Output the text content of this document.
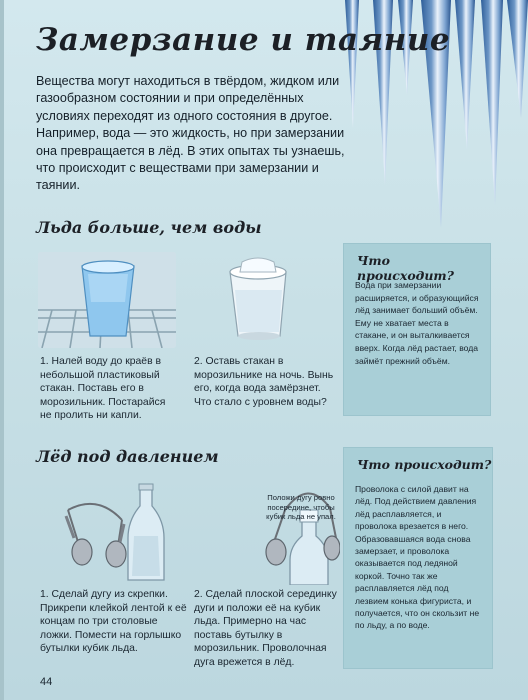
Замерзание и таяние

Вещества могут находиться в твёрдом, жидком или газообразном состоянии и при определённых условиях переходят из одного состояния в другое. Например, вода — это жидкость, но при замерзании она превращается в лёд. В этих опытах ты узнаешь, что происходит с веществами при замерзании и таянии.

Льда больше, чем воды

1. Налей воду до краёв в небольшой пластиковый стакан. Поставь его в морозильник. Постарайся не пролить ни капли.

2. Оставь стакан в морозильнике на ночь. Вынь его, когда вода замёрзнет. Что стало с уровнем воды?

Что происходит?

Вода при замерзании расширяется, и образующийся лёд занимает больший объём. Ему не хватает места в стакане, и он выталкивается вверх. Когда лёд растает, вода займёт прежний объём.

Лёд под давлением

Положи дугу ровно посередине, чтобы кубик льда не упал.

1. Сделай дугу из скрепки. Прикрепи клейкой лентой к её концам по три столовые ложки. Помести на горлышко бутылки кубик льда.

2. Сделай плоской серединку дуги и положи её на кубик льда. Примерно на час поставь бутылку в морозильник. Проволочная дуга врежется в лёд.

Что происходит?

Проволока с силой давит на лёд. Под действием давления лёд расплавляется, и проволока врезается в него. Образовавшаяся вода снова замерзает, и проволока оказывается под ледяной коркой. Точно так же расплавляется лёд под лезвием конька фигуриста, и получается, что он скользит не по льду, а по воде.

44
